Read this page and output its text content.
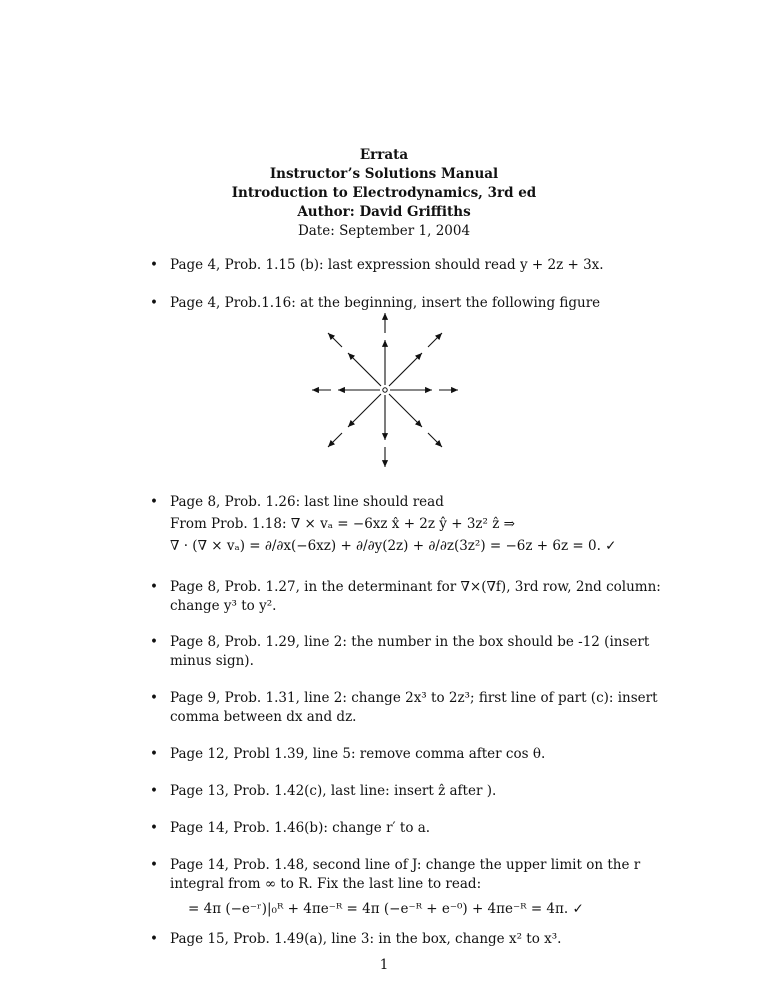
Errata
Instructor’s Solutions Manual
Introduction to Electrodynamics, 3rd ed
Author: David Griffiths
Date: September 1, 2004
• Page 4, Prob. 1.15 (b): last expression should read y + 2z + 3x.
• Page 4, Prob.1.16: at the beginning, insert the following figure
• Page 8, Prob. 1.26: last line should read
From Prob. 1.18: ∇ × vₐ = −6xz x̂ + 2z ŷ + 3z² ẑ ⇒
∇ · (∇ × vₐ) = ∂/∂x(−6xz) + ∂/∂y(2z) + ∂/∂z(3z²) = −6z + 6z = 0. ✓
• Page 8, Prob. 1.27, in the determinant for ∇×(∇f), 3rd row, 2nd column:
change y³ to y².
• Page 8, Prob. 1.29, line 2: the number in the box should be -12 (insert
minus sign).
• Page 9, Prob. 1.31, line 2: change 2x³ to 2z³; first line of part (c): insert
comma between dx and dz.
• Page 12, Probl 1.39, line 5: remove comma after cos θ.
• Page 13, Prob. 1.42(c), last line: insert ẑ after ).
• Page 14, Prob. 1.46(b): change r′ to a.
• Page 14, Prob. 1.48, second line of J: change the upper limit on the r
integral from ∞ to R. Fix the last line to read:
= 4π (−e⁻ʳ)|₀ᴿ + 4πe⁻ᴿ = 4π (−e⁻ᴿ + e⁻⁰) + 4πe⁻ᴿ = 4π. ✓
• Page 15, Prob. 1.49(a), line 3: in the box, change x² to x³.
1
